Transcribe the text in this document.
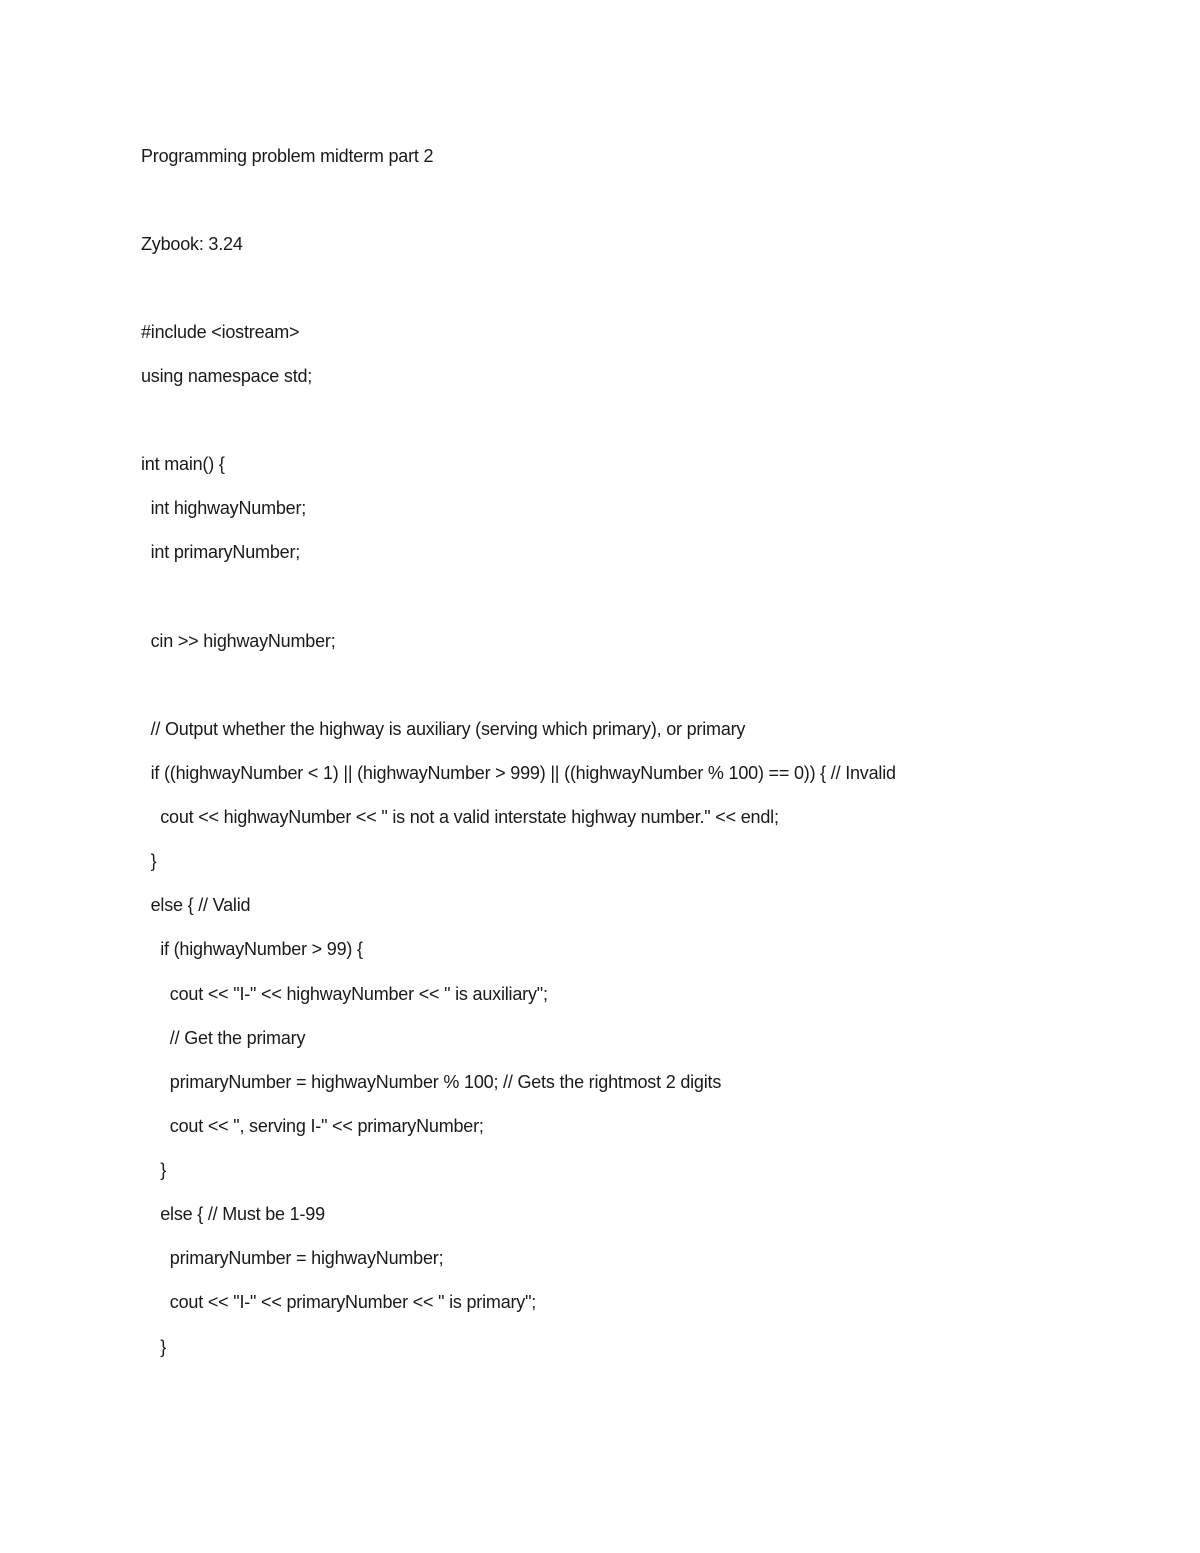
Programming problem midterm part 2
Zybook: 3.24
#include <iostream>
using namespace std;
int main() {
int highwayNumber;
int primaryNumber;
cin >> highwayNumber;
// Output whether the highway is auxiliary (serving which primary), or primary
if ((highwayNumber < 1) || (highwayNumber > 999) || ((highwayNumber % 100) == 0)) { // Invalid
cout << highwayNumber << " is not a valid interstate highway number." << endl;
}
else { // Valid
if (highwayNumber > 99) {
cout << "I-" << highwayNumber << " is auxiliary";
// Get the primary
primaryNumber = highwayNumber % 100; // Gets the rightmost 2 digits
cout << ", serving I-" << primaryNumber;
}
else { // Must be 1-99
primaryNumber = highwayNumber;
cout << "I-" << primaryNumber << " is primary";
}
